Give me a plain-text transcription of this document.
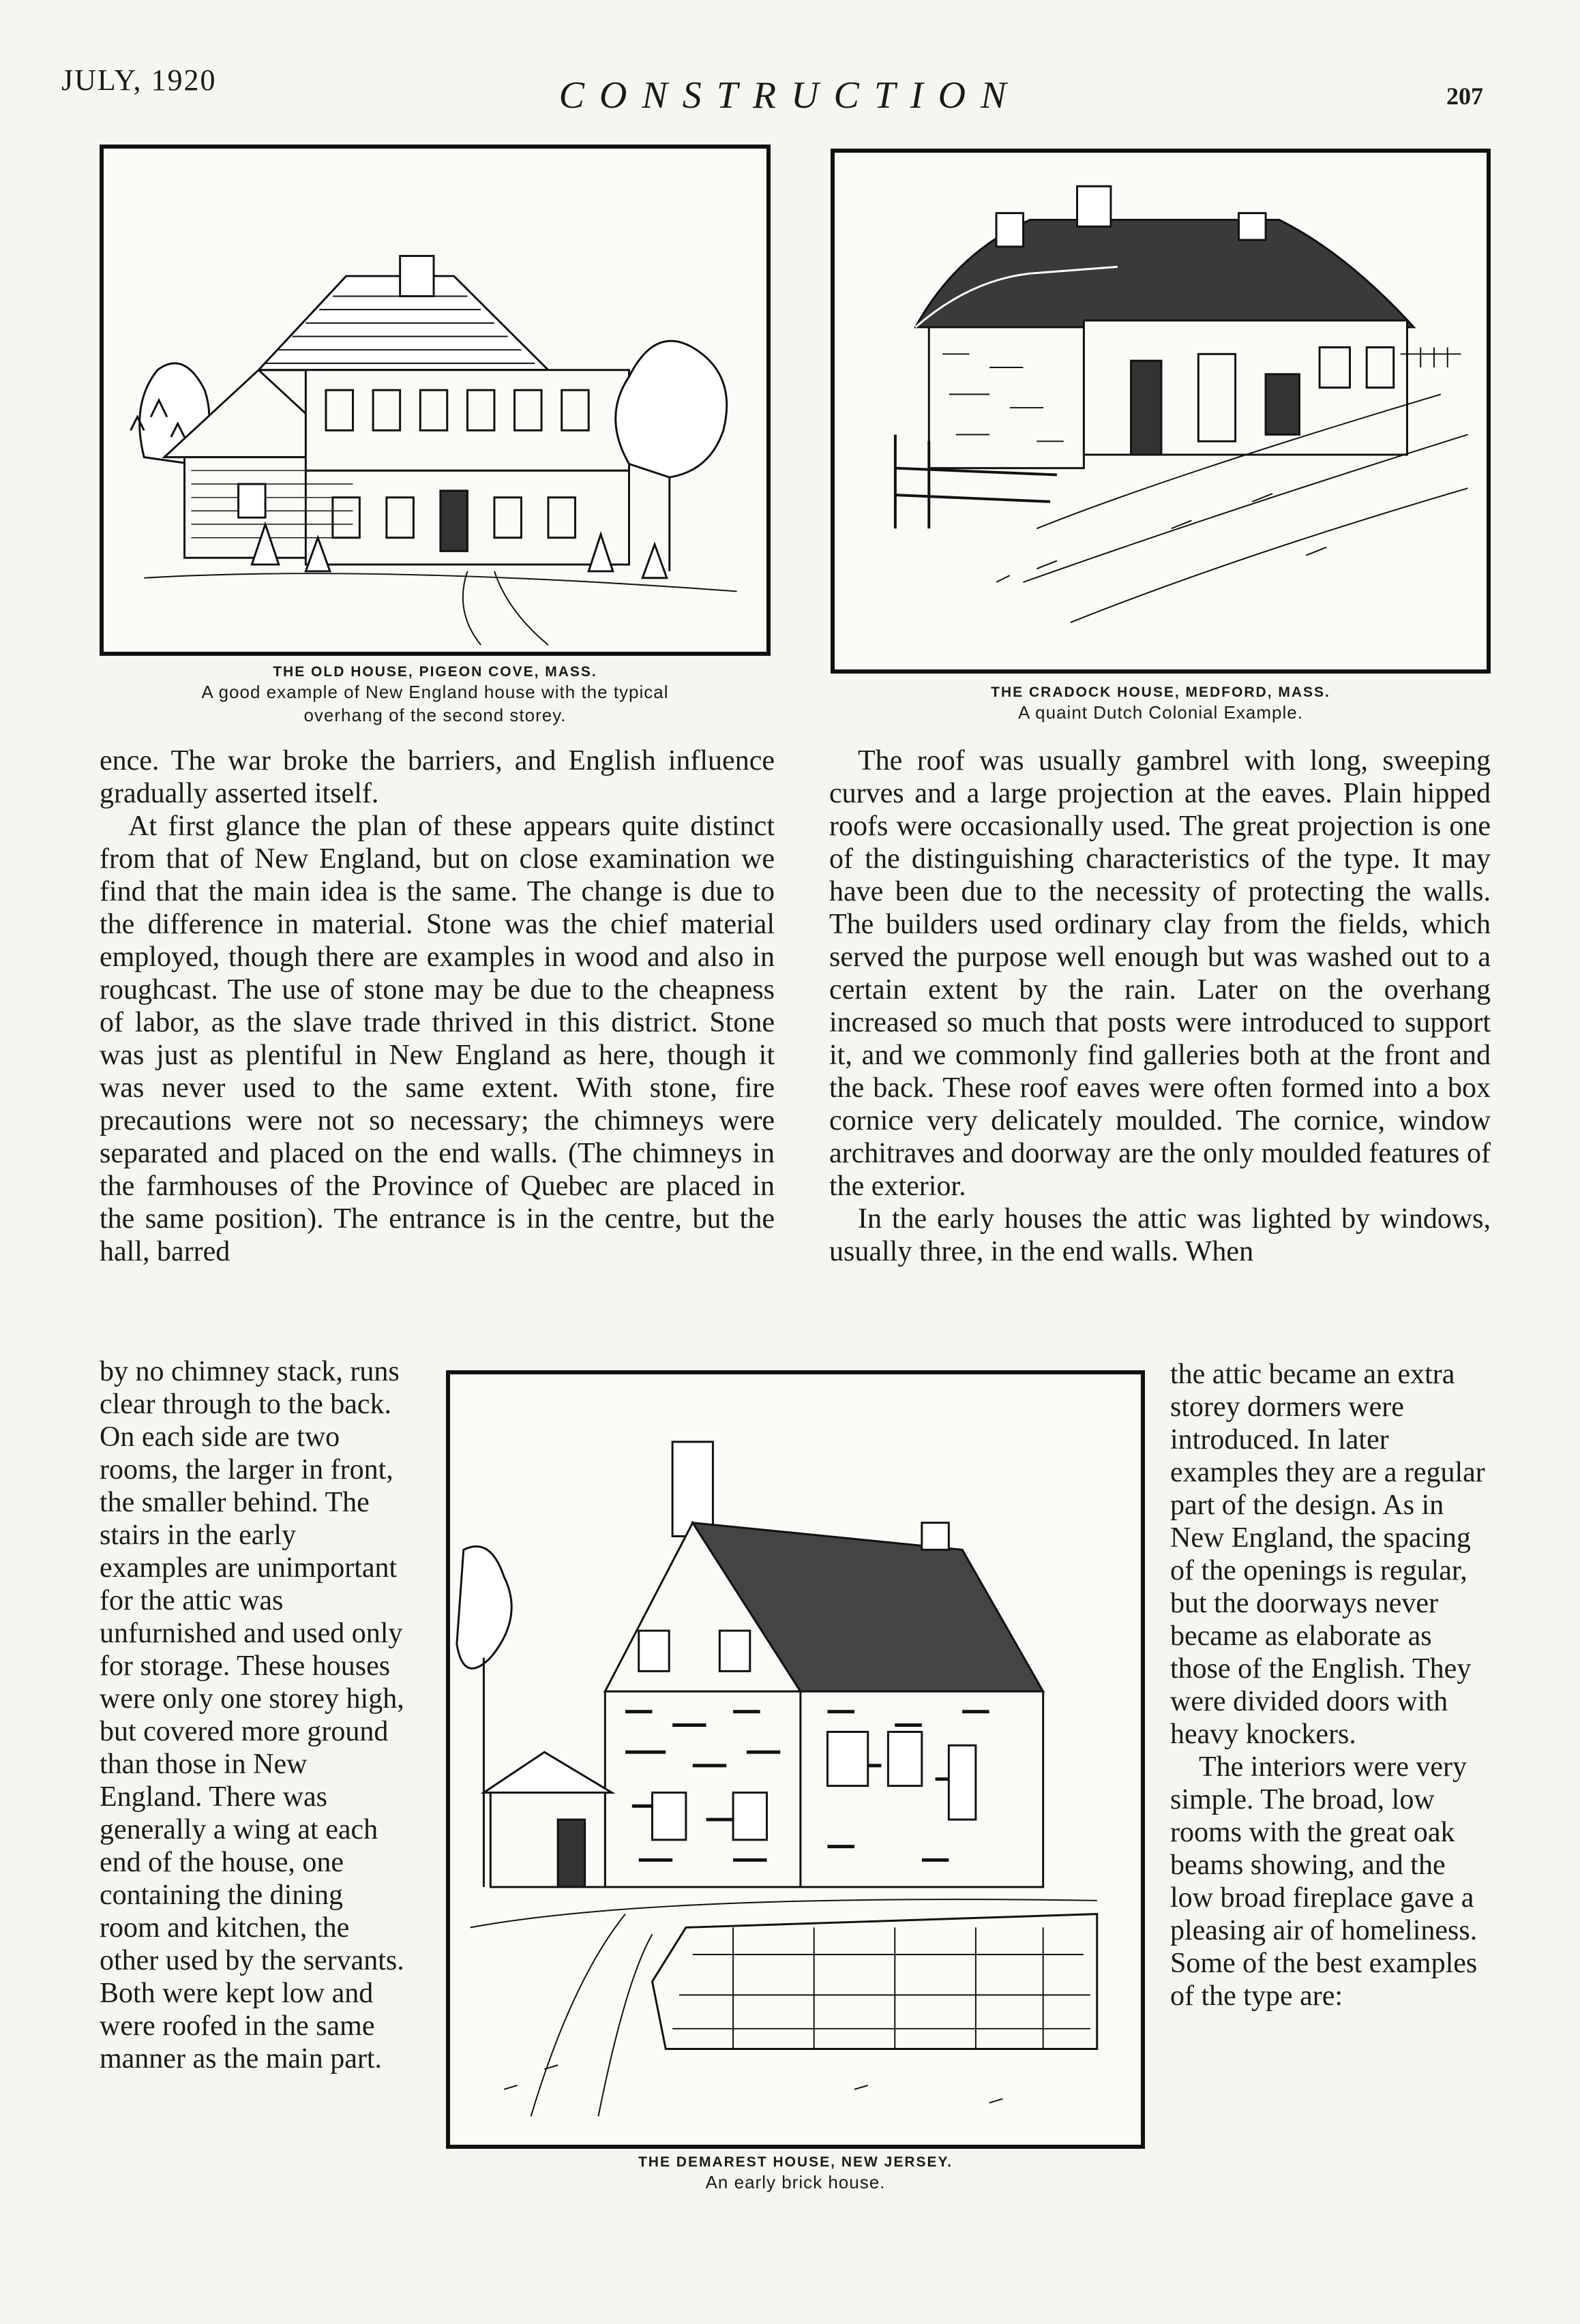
JULY, 1920	CONSTRUCTION	207
THE OLD HOUSE, PIGEON COVE, MASS.
A good example of New England house with the typical overhang of the second storey.
THE CRADOCK HOUSE, MEDFORD, MASS.
A quaint Dutch Colonial Example.

ence. The war broke the barriers, and English influence gradually asserted itself.

At first glance the plan of these appears quite distinct from that of New England, but on close examination we find that the main idea is the same. The change is due to the difference in material. Stone was the chief material employed, though there are examples in wood and also in roughcast. The use of stone may be due to the cheapness of labor, as the slave trade thrived in this district. Stone was just as plentiful in New England as here, though it was never used to the same extent. With stone, fire precautions were not so necessary; the chimneys were separated and placed on the end walls. (The chimneys in the farmhouses of the Province of Quebec are placed in the same position). The entrance is in the centre, but the hall, barred

The roof was usually gambrel with long, sweeping curves and a large projection at the eaves. Plain hipped roofs were occasionally used. The great projection is one of the distinguishing characteristics of the type. It may have been due to the necessity of protecting the walls. The builders used ordinary clay from the fields, which served the purpose well enough but was washed out to a certain extent by the rain. Later on the overhang increased so much that posts were introduced to support it, and we commonly find galleries both at the front and the back. These roof eaves were often formed into a box cornice very delicately moulded. The cornice, window architraves and doorway are the only moulded features of the exterior.

In the early houses the attic was lighted by windows, usually three, in the end walls. When

THE DEMAREST HOUSE, NEW JERSEY.
An early brick house.

by no chimney stack, runs clear through to the back. On each side are two rooms, the larger in front, the smaller behind. The stairs in the early examples are unimportant for the attic was unfurnished and used only for storage. These houses were only one storey high, but covered more ground than those in New England. There was generally a wing at each end of the house, one containing the dining room and kitchen, the other used by the servants. Both were kept low and were roofed in the same manner as the main part.

the attic became an extra storey dormers were introduced. In later examples they are a regular part of the design. As in New England, the spacing of the openings is regular, but the doorways never became as elaborate as those of the English. They were divided doors with heavy knockers.

The interiors were very simple. The broad, low rooms with the great oak beams showing, and the low broad fireplace gave a pleasing air of homeliness. Some of the best examples of the type are:
